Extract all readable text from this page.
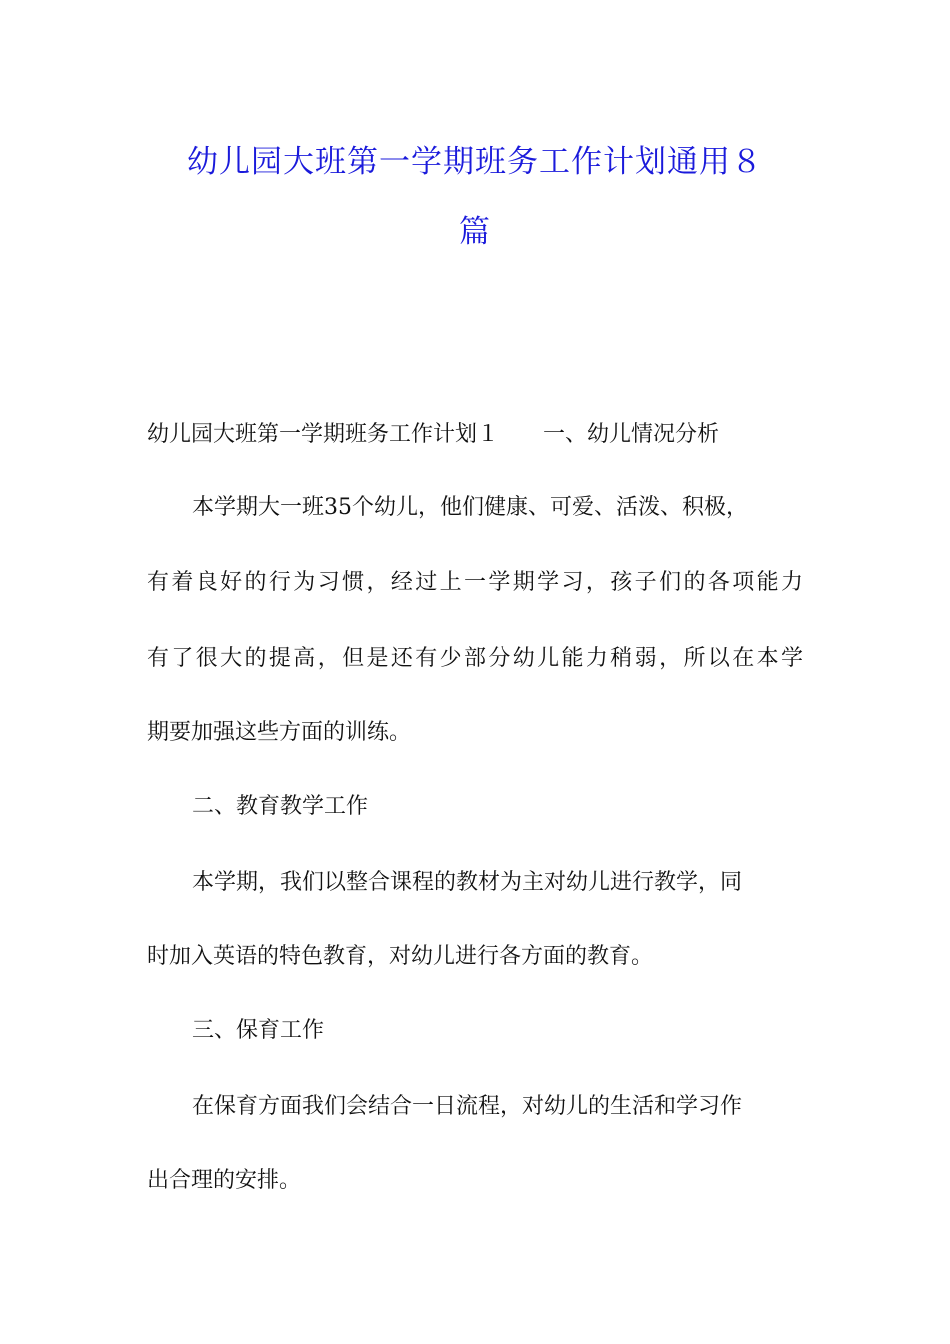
幼儿园大班第一学期班务工作计划通用８
篇
幼儿园大班第一学期班务工作计划１　　一、幼儿情况分析
本学期大一班35个幼儿，他们健康、可爱、活泼、积极，
有着良好的行为习惯，经过上一学期学习，孩子们的各项能力
有了很大的提高，但是还有少部分幼儿能力稍弱，所以在本学
期要加强这些方面的训练。
二、教育教学工作
本学期，我们以整合课程的教材为主对幼儿进行教学，同
时加入英语的特色教育，对幼儿进行各方面的教育。
三、保育工作
在保育方面我们会结合一日流程，对幼儿的生活和学习作
出合理的安排。
